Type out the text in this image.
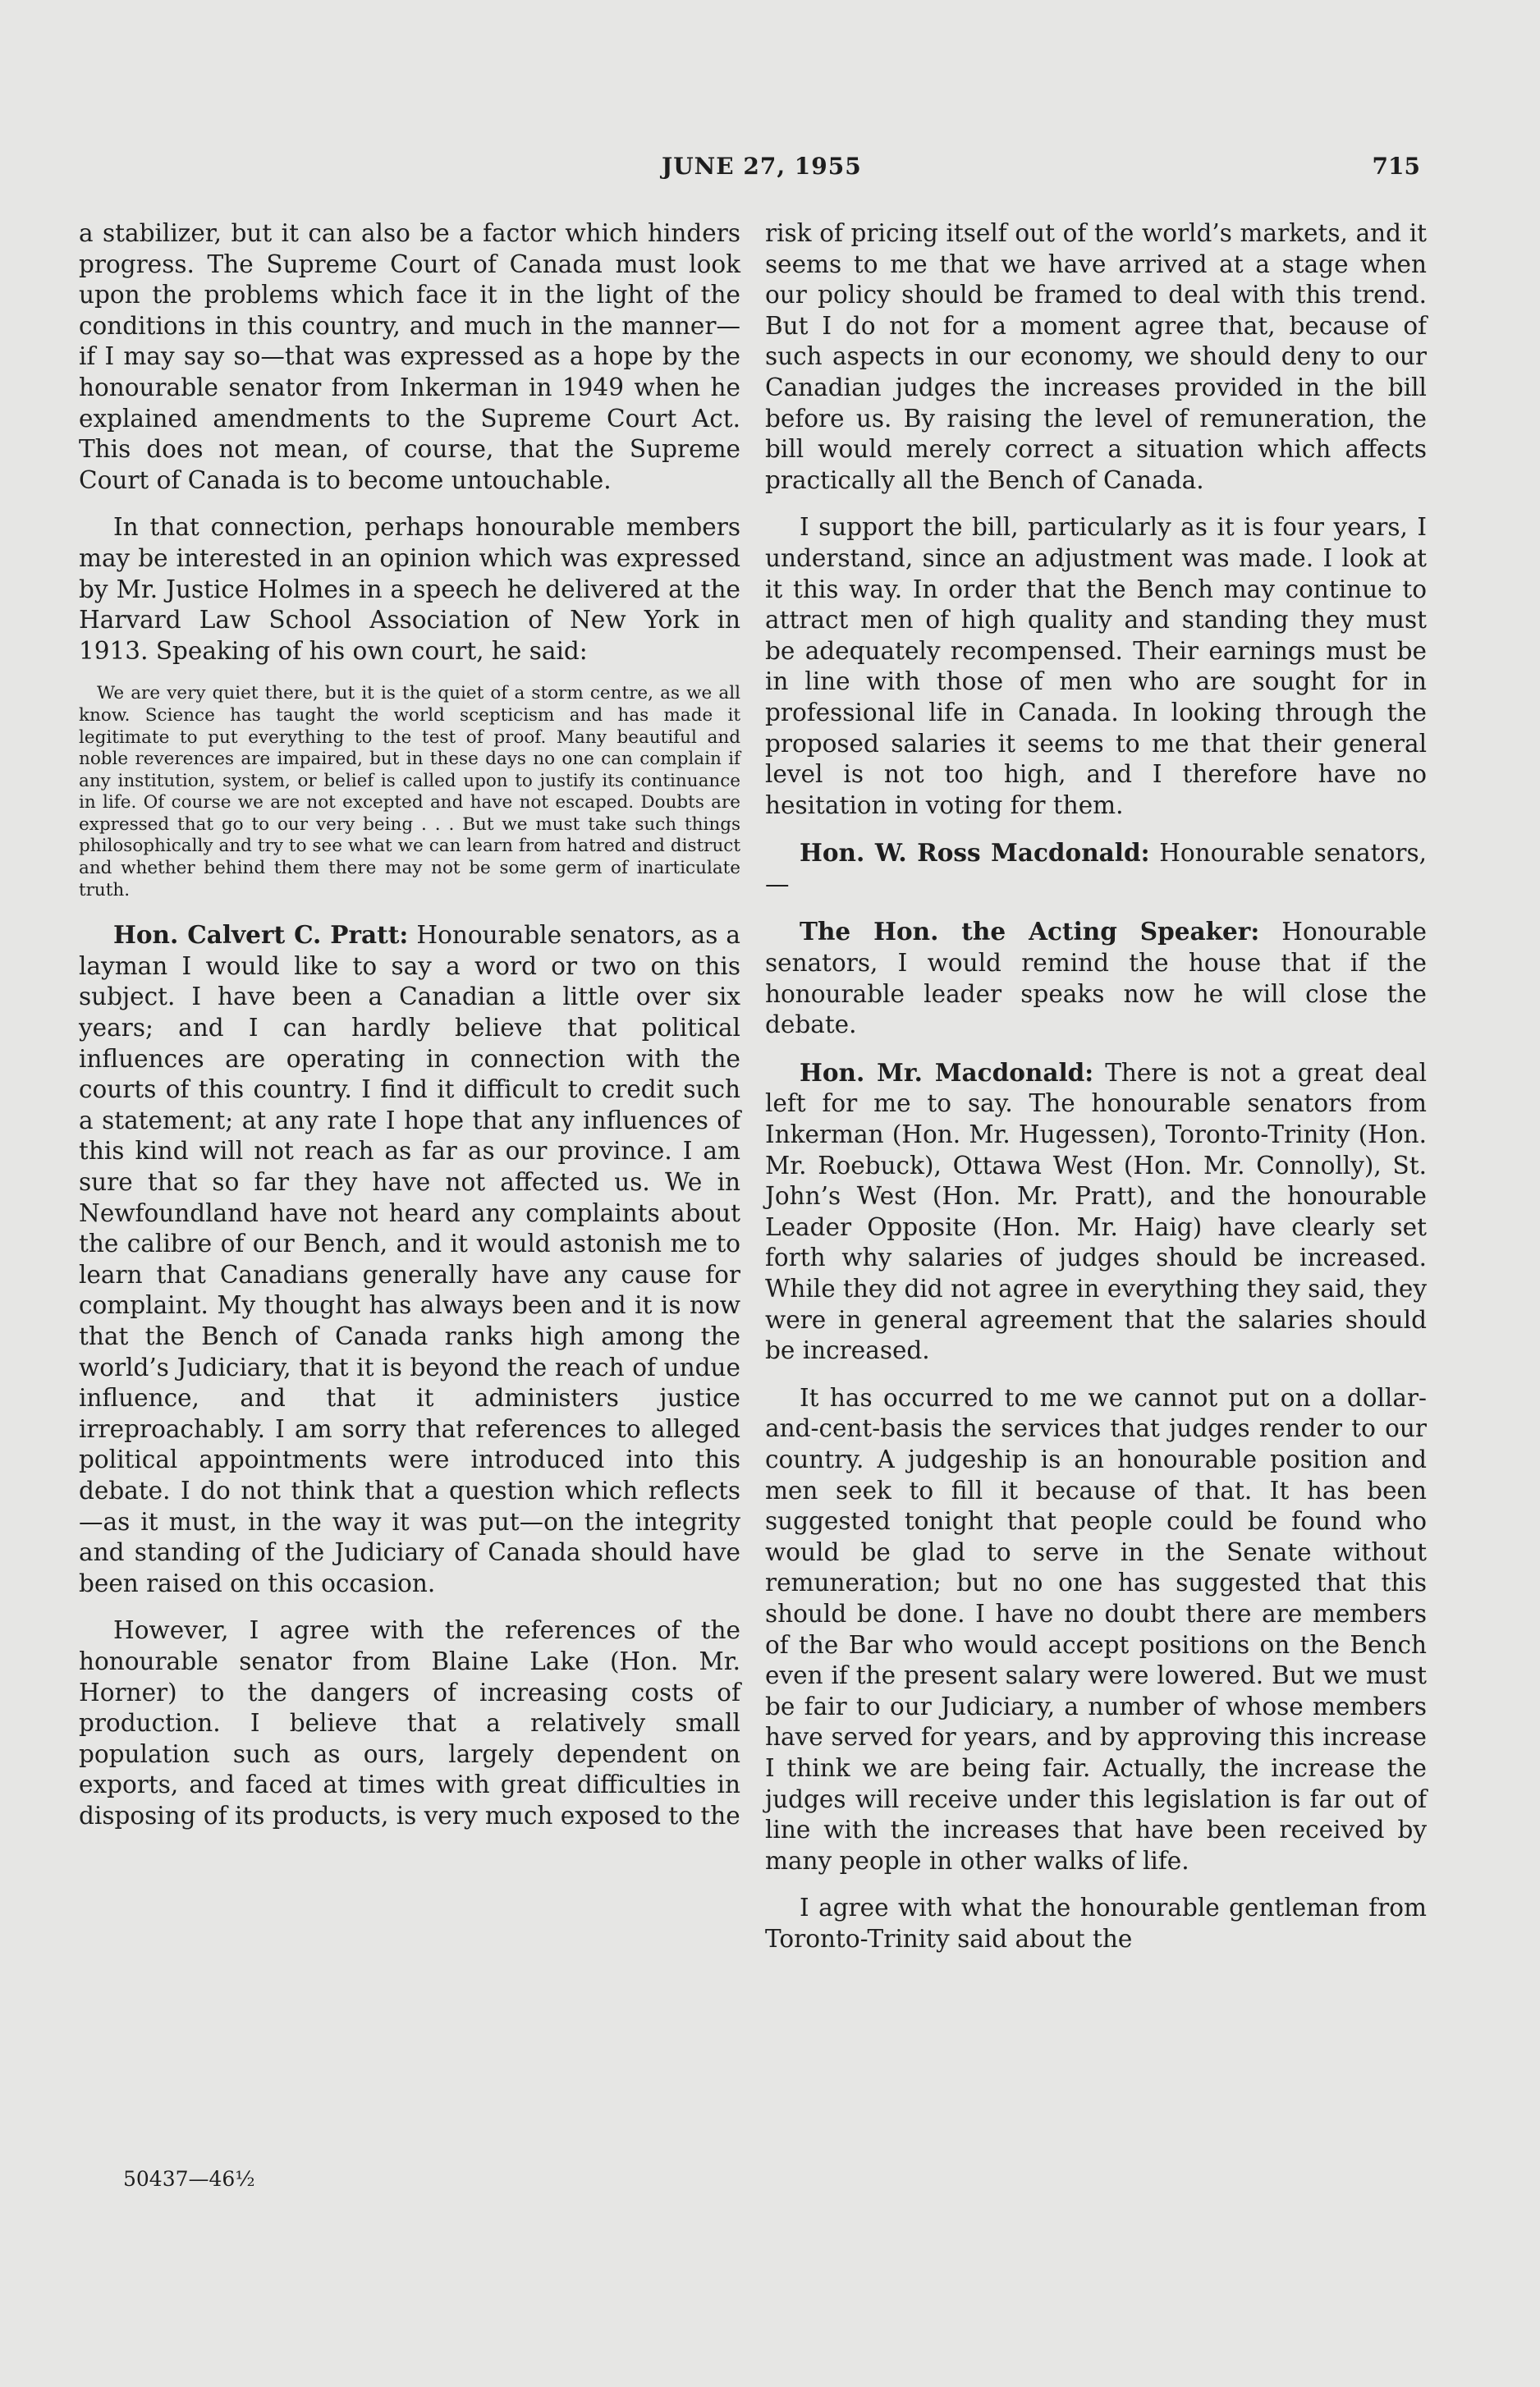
JUNE 27, 1955	715

a stabilizer, but it can also be a factor which hinders progress. The Supreme Court of Canada must look upon the problems which face it in the light of the conditions in this country, and much in the manner—if I may say so—that was expressed as a hope by the honourable senator from Inkerman in 1949 when he explained amendments to the Supreme Court Act. This does not mean, of course, that the Supreme Court of Canada is to become untouchable.

In that connection, perhaps honourable members may be interested in an opinion which was expressed by Mr. Justice Holmes in a speech he delivered at the Harvard Law School Association of New York in 1913. Speaking of his own court, he said:

We are very quiet there, but it is the quiet of a storm centre, as we all know. Science has taught the world scepticism and has made it legitimate to put everything to the test of proof. Many beautiful and noble reverences are impaired, but in these days no one can complain if any institution, system, or belief is called upon to justify its continuance in life. Of course we are not excepted and have not escaped. Doubts are expressed that go to our very being . . . But we must take such things philosophically and try to see what we can learn from hatred and distruct and whether behind them there may not be some germ of inarticulate truth.

Hon. Calvert C. Pratt: Honourable senators, as a layman I would like to say a word or two on this subject. I have been a Canadian a little over six years; and I can hardly believe that political influences are operating in connection with the courts of this country. I find it difficult to credit such a statement; at any rate I hope that any influences of this kind will not reach as far as our province. I am sure that so far they have not affected us. We in Newfoundland have not heard any complaints about the calibre of our Bench, and it would astonish me to learn that Canadians generally have any cause for complaint. My thought has always been and it is now that the Bench of Canada ranks high among the world’s Judiciary, that it is beyond the reach of undue influence, and that it administers justice irreproachably. I am sorry that references to alleged political appointments were introduced into this debate. I do not think that a question which reflects—as it must, in the way it was put—on the integrity and standing of the Judiciary of Canada should have been raised on this occasion.

However, I agree with the references of the honourable senator from Blaine Lake (Hon. Mr. Horner) to the dangers of increasing costs of production. I believe that a relatively small population such as ours, largely dependent on exports, and faced at times with great difficulties in disposing of its products, is very much exposed to the

risk of pricing itself out of the world’s markets, and it seems to me that we have arrived at a stage when our policy should be framed to deal with this trend. But I do not for a moment agree that, because of such aspects in our economy, we should deny to our Canadian judges the increases provided in the bill before us. By raising the level of remuneration, the bill would merely correct a situation which affects practically all the Bench of Canada.

I support the bill, particularly as it is four years, I understand, since an adjustment was made. I look at it this way. In order that the Bench may continue to attract men of high quality and standing they must be adequately recompensed. Their earnings must be in line with those of men who are sought for in professional life in Canada. In looking through the proposed salaries it seems to me that their general level is not too high, and I therefore have no hesitation in voting for them.

Hon. W. Ross Macdonald: Honourable senators,—

The Hon. the Acting Speaker: Honourable senators, I would remind the house that if the honourable leader speaks now he will close the debate.

Hon. Mr. Macdonald: There is not a great deal left for me to say. The honourable senators from Inkerman (Hon. Mr. Hugessen), Toronto-Trinity (Hon. Mr. Roebuck), Ottawa West (Hon. Mr. Connolly), St. John’s West (Hon. Mr. Pratt), and the honourable Leader Opposite (Hon. Mr. Haig) have clearly set forth why salaries of judges should be increased. While they did not agree in everything they said, they were in general agreement that the salaries should be increased.

It has occurred to me we cannot put on a dollar-and-cent-basis the services that judges render to our country. A judgeship is an honourable position and men seek to fill it because of that. It has been suggested tonight that people could be found who would be glad to serve in the Senate without remuneration; but no one has suggested that this should be done. I have no doubt there are members of the Bar who would accept positions on the Bench even if the present salary were lowered. But we must be fair to our Judiciary, a number of whose members have served for years, and by approving this increase I think we are being fair. Actually, the increase the judges will receive under this legislation is far out of line with the increases that have been received by many people in other walks of life.

I agree with what the honourable gentleman from Toronto-Trinity said about the

50437—46½
